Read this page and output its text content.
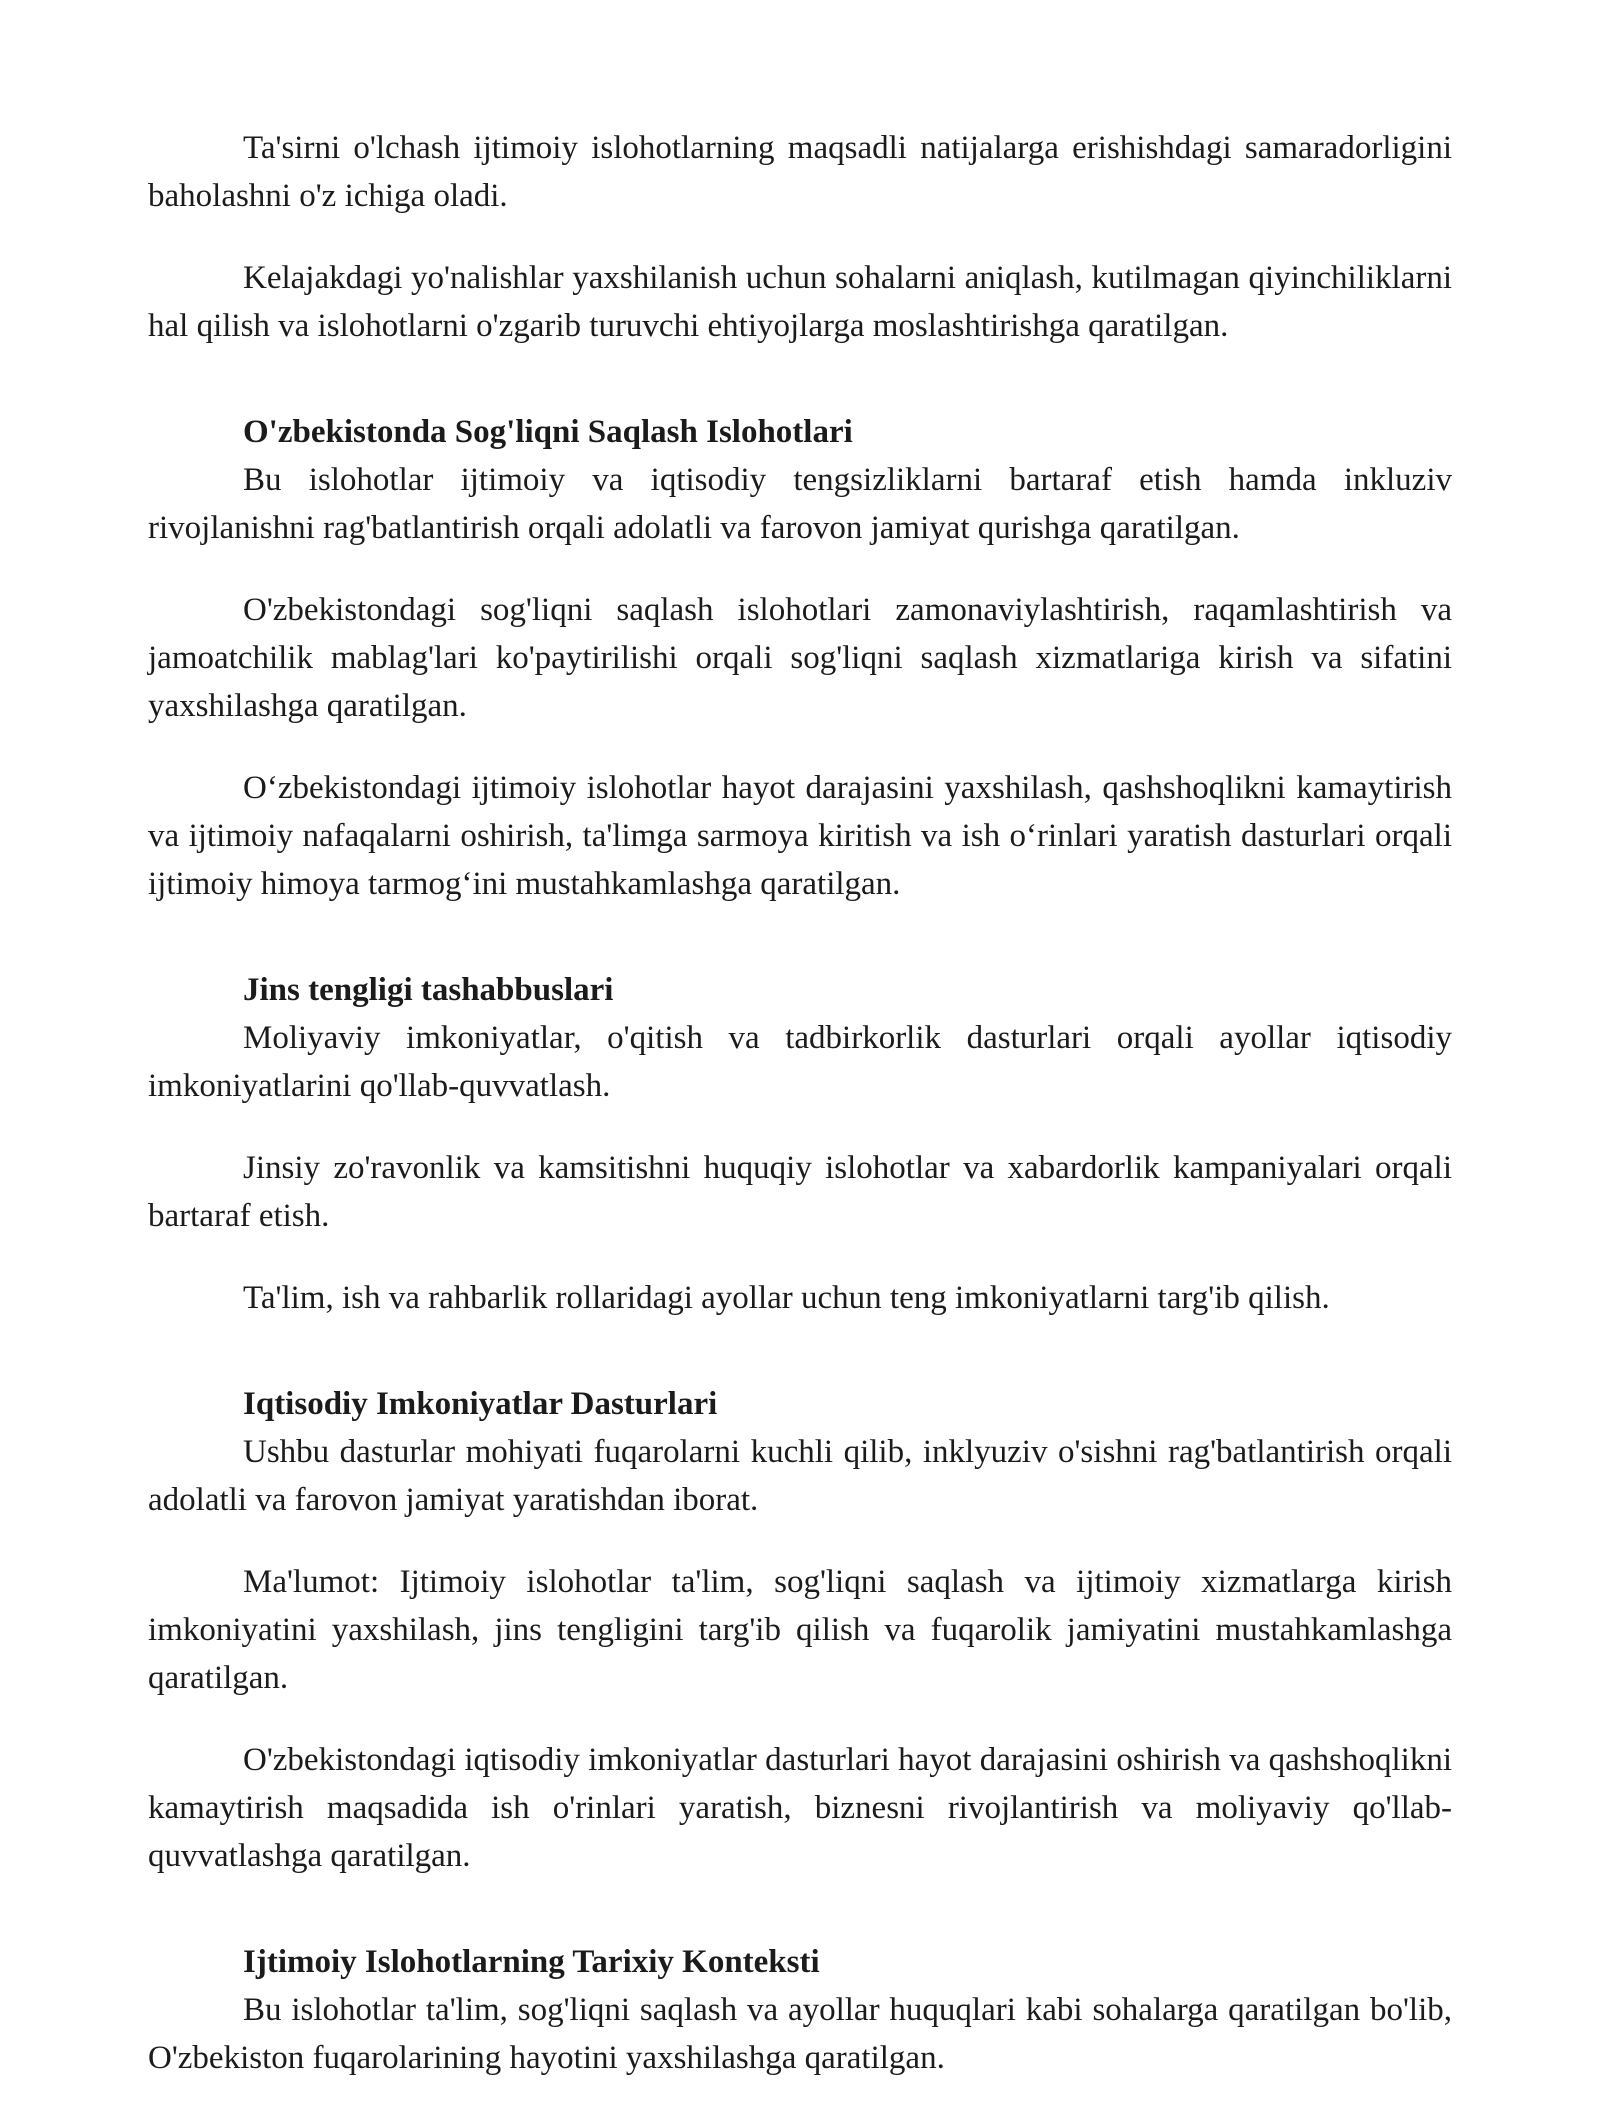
Ta'sirni o'lchash ijtimoiy islohotlarning maqsadli natijalarga erishishdagi samaradorligini baholashni o'z ichiga oladi.

Kelajakdagi yo'nalishlar yaxshilanish uchun sohalarni aniqlash, kutilmagan qiyinchiliklarni hal qilish va islohotlarni o'zgarib turuvchi ehtiyojlarga moslashtirishga qaratilgan.

O'zbekistonda Sog'liqni Saqlash Islohotlari

Bu islohotlar ijtimoiy va iqtisodiy tengsizliklarni bartaraf etish hamda inkluziv rivojlanishni rag'batlantirish orqali adolatli va farovon jamiyat qurishga qaratilgan.

O'zbekistondagi sog'liqni saqlash islohotlari zamonaviylashtirish, raqamlashtirish va jamoatchilik mablag'lari ko'paytirilishi orqali sog'liqni saqlash xizmatlariga kirish va sifatini yaxshilashga qaratilgan.

O‘zbekistondagi ijtimoiy islohotlar hayot darajasini yaxshilash, qashshoqlikni kamaytirish va ijtimoiy nafaqalarni oshirish, ta'limga sarmoya kiritish va ish o‘rinlari yaratish dasturlari orqali ijtimoiy himoya tarmog‘ini mustahkamlashga qaratilgan.

Jins tengligi tashabbuslari

Moliyaviy imkoniyatlar, o'qitish va tadbirkorlik dasturlari orqali ayollar iqtisodiy imkoniyatlarini qo'llab-quvvatlash.

Jinsiy zo'ravonlik va kamsitishni huquqiy islohotlar va xabardorlik kampaniyalari orqali bartaraf etish.

Ta'lim, ish va rahbarlik rollaridagi ayollar uchun teng imkoniyatlarni targ'ib qilish.

Iqtisodiy Imkoniyatlar Dasturlari

Ushbu dasturlar mohiyati fuqarolarni kuchli qilib, inklyuziv o'sishni rag'batlantirish orqali adolatli va farovon jamiyat yaratishdan iborat.

Ma'lumot: Ijtimoiy islohotlar ta'lim, sog'liqni saqlash va ijtimoiy xizmatlarga kirish imkoniyatini yaxshilash, jins tengligini targ'ib qilish va fuqarolik jamiyatini mustahkamlashga qaratilgan.

O'zbekistondagi iqtisodiy imkoniyatlar dasturlari hayot darajasini oshirish va qashshoqlikni kamaytirish maqsadida ish o'rinlari yaratish, biznesni rivojlantirish va moliyaviy qo'llab-quvvatlashga qaratilgan.

Ijtimoiy Islohotlarning Tarixiy Konteksti

Bu islohotlar ta'lim, sog'liqni saqlash va ayollar huquqlari kabi sohalarga qaratilgan bo'lib, O'zbekiston fuqarolarining hayotini yaxshilashga qaratilgan.
